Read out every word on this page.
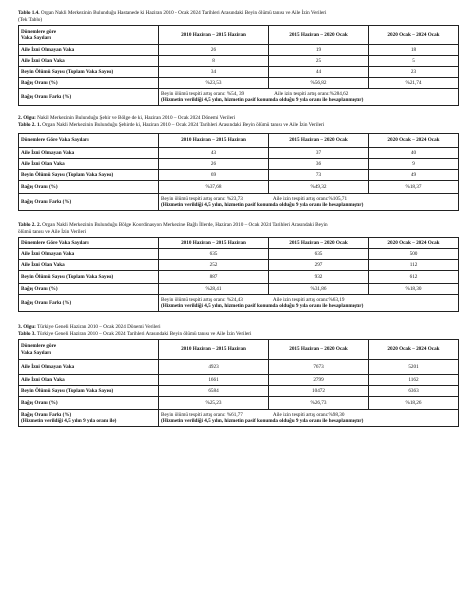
Tablo 1.4. Organ Nakli Merkezinin Bulunduğu Hastanede ki Haziran 2010 - Ocak 2024 Tarihleri Arasındaki Beyin ölümü tanısı ve Aile İzin Verileri

(Tek Tablo)

Dönemlere göre
Vaka Sayıları	2010 Haziran – 2015 Haziran	2015 Haziran – 2020 Ocak	2020 Ocak – 2024 Ocak
Aile İzni Olmayan Vaka	26	19	18
Aile İzni Olan Vaka	8	25	5
Beyin Ölümü Sayısı (Toplam Vaka Sayısı)	34	44	23
Bağış Oranı (%)	%23,53	%56,82	%21,74
Bağış Oranı Farkı (%)	Beyin ölümü tespiti artış oranı: %54, 39 Aile izin tespiti artış oranı:%284,62
(Hizmetin verildiği 4,5 yılın, hizmetin pasif konumda olduğu 9 yıla oranı ile hesaplanmıştır)		

2. Olgu: Nakil Merkezinin Bulunduğu Şehir ve Bölge de ki, Haziran 2010 – Ocak 2024 Dönemi Verileri

Tablo 2. 1. Organ Nakli Merkezinin Bulunduğu Şehirde ki, Haziran 2010 – Ocak 2024 Tarihleri Arasındaki Beyin ölümü tanısı ve Aile İzin Verileri

Dönemlere Göre Vaka Sayıları	2010 Haziran – 2015 Haziran	2015 Haziran – 2020 Ocak	2020 Ocak – 2024 Ocak
Aile İzni Olmayan Vaka	43	37	40
Aile İzni Olan Vaka	26	36	9
Beyin Ölümü Sayısı (Toplam Vaka Sayısı)	69	73	49
Bağış Oranı (%)	%37,68	%49,32	%18,37
Bağış Oranı Farkı (%)	Beyin ölümü tespiti artış oranı: %23,73 Aile izin tespiti artış oranı:%105,71
(Hizmetin verildiği 4,5 yılın, hizmetin pasif konumda olduğu 9 yıla oranı ile hesaplanmıştır)		

Tablo 2. 2. Organ Nakli Merkezinin Bulunduğu Bölge Koordinasyon Merkezine Bağlı İllerde, Haziran 2010 – Ocak 2024 Tarihleri Arasındaki Beyin

ölümü tanısı ve Aile İzin Verileri

Dönemlere Göre Vaka Sayıları	2010 Haziran – 2015 Haziran	2015 Haziran – 2020 Ocak	2020 Ocak – 2024 Ocak
Aile İzni Olmayan Vaka	635	635	500
Aile İzni Olan Vaka	252	297	112
Beyin Ölümü Sayısı (Toplam Vaka Sayısı)	887	932	612
Bağış Oranı (%)	%28,41	%31,86	%18,30
Bağış Oranı Farkı (%)	Beyin ölümü tespiti artış oranı: %24,43 Aile izin tespiti artış oranı:%63,19
(Hizmetin verildiği 4,5 yılın, hizmetin pasif konumda olduğu 9 yıla oranı ile hesaplanmıştır)		

3. Olgu: Türkiye Geneli Haziran 2010 – Ocak 2024 Dönemi Verileri

Tablo 3. Türkiye Geneli Haziran 2010 – Ocak 2024 Tarihleri Arasındaki Beyin ölümü tanısı ve Aile İzin Verileri

Dönemlere göre
Vaka Sayıları	2010 Haziran – 2015 Haziran	2015 Haziran – 2020 Ocak	2020 Ocak – 2024 Ocak
Aile İzni Olmayan Vaka	4923	7673	5201
Aile İzni Olan Vaka	1661	2799	1162
Beyin Ölümü Sayısı (Toplam Vaka Sayısı)	6584	10472	6363
Bağış Oranı (%)	%25,23	%26,73	%18,26

Bağış Oranı Farkı (%)
(Hizmetin verildiği 4,5 yılın 9 yıla oranı ile)	Beyin ölümü tespiti artış oranı: %61,77 Aile izin tespiti artış oranı:%98,30
(Hizmetin verildiği 4,5 yılın, hizmetin pasif konumda olduğu 9 yıla oranı ile hesaplanmıştır)		
